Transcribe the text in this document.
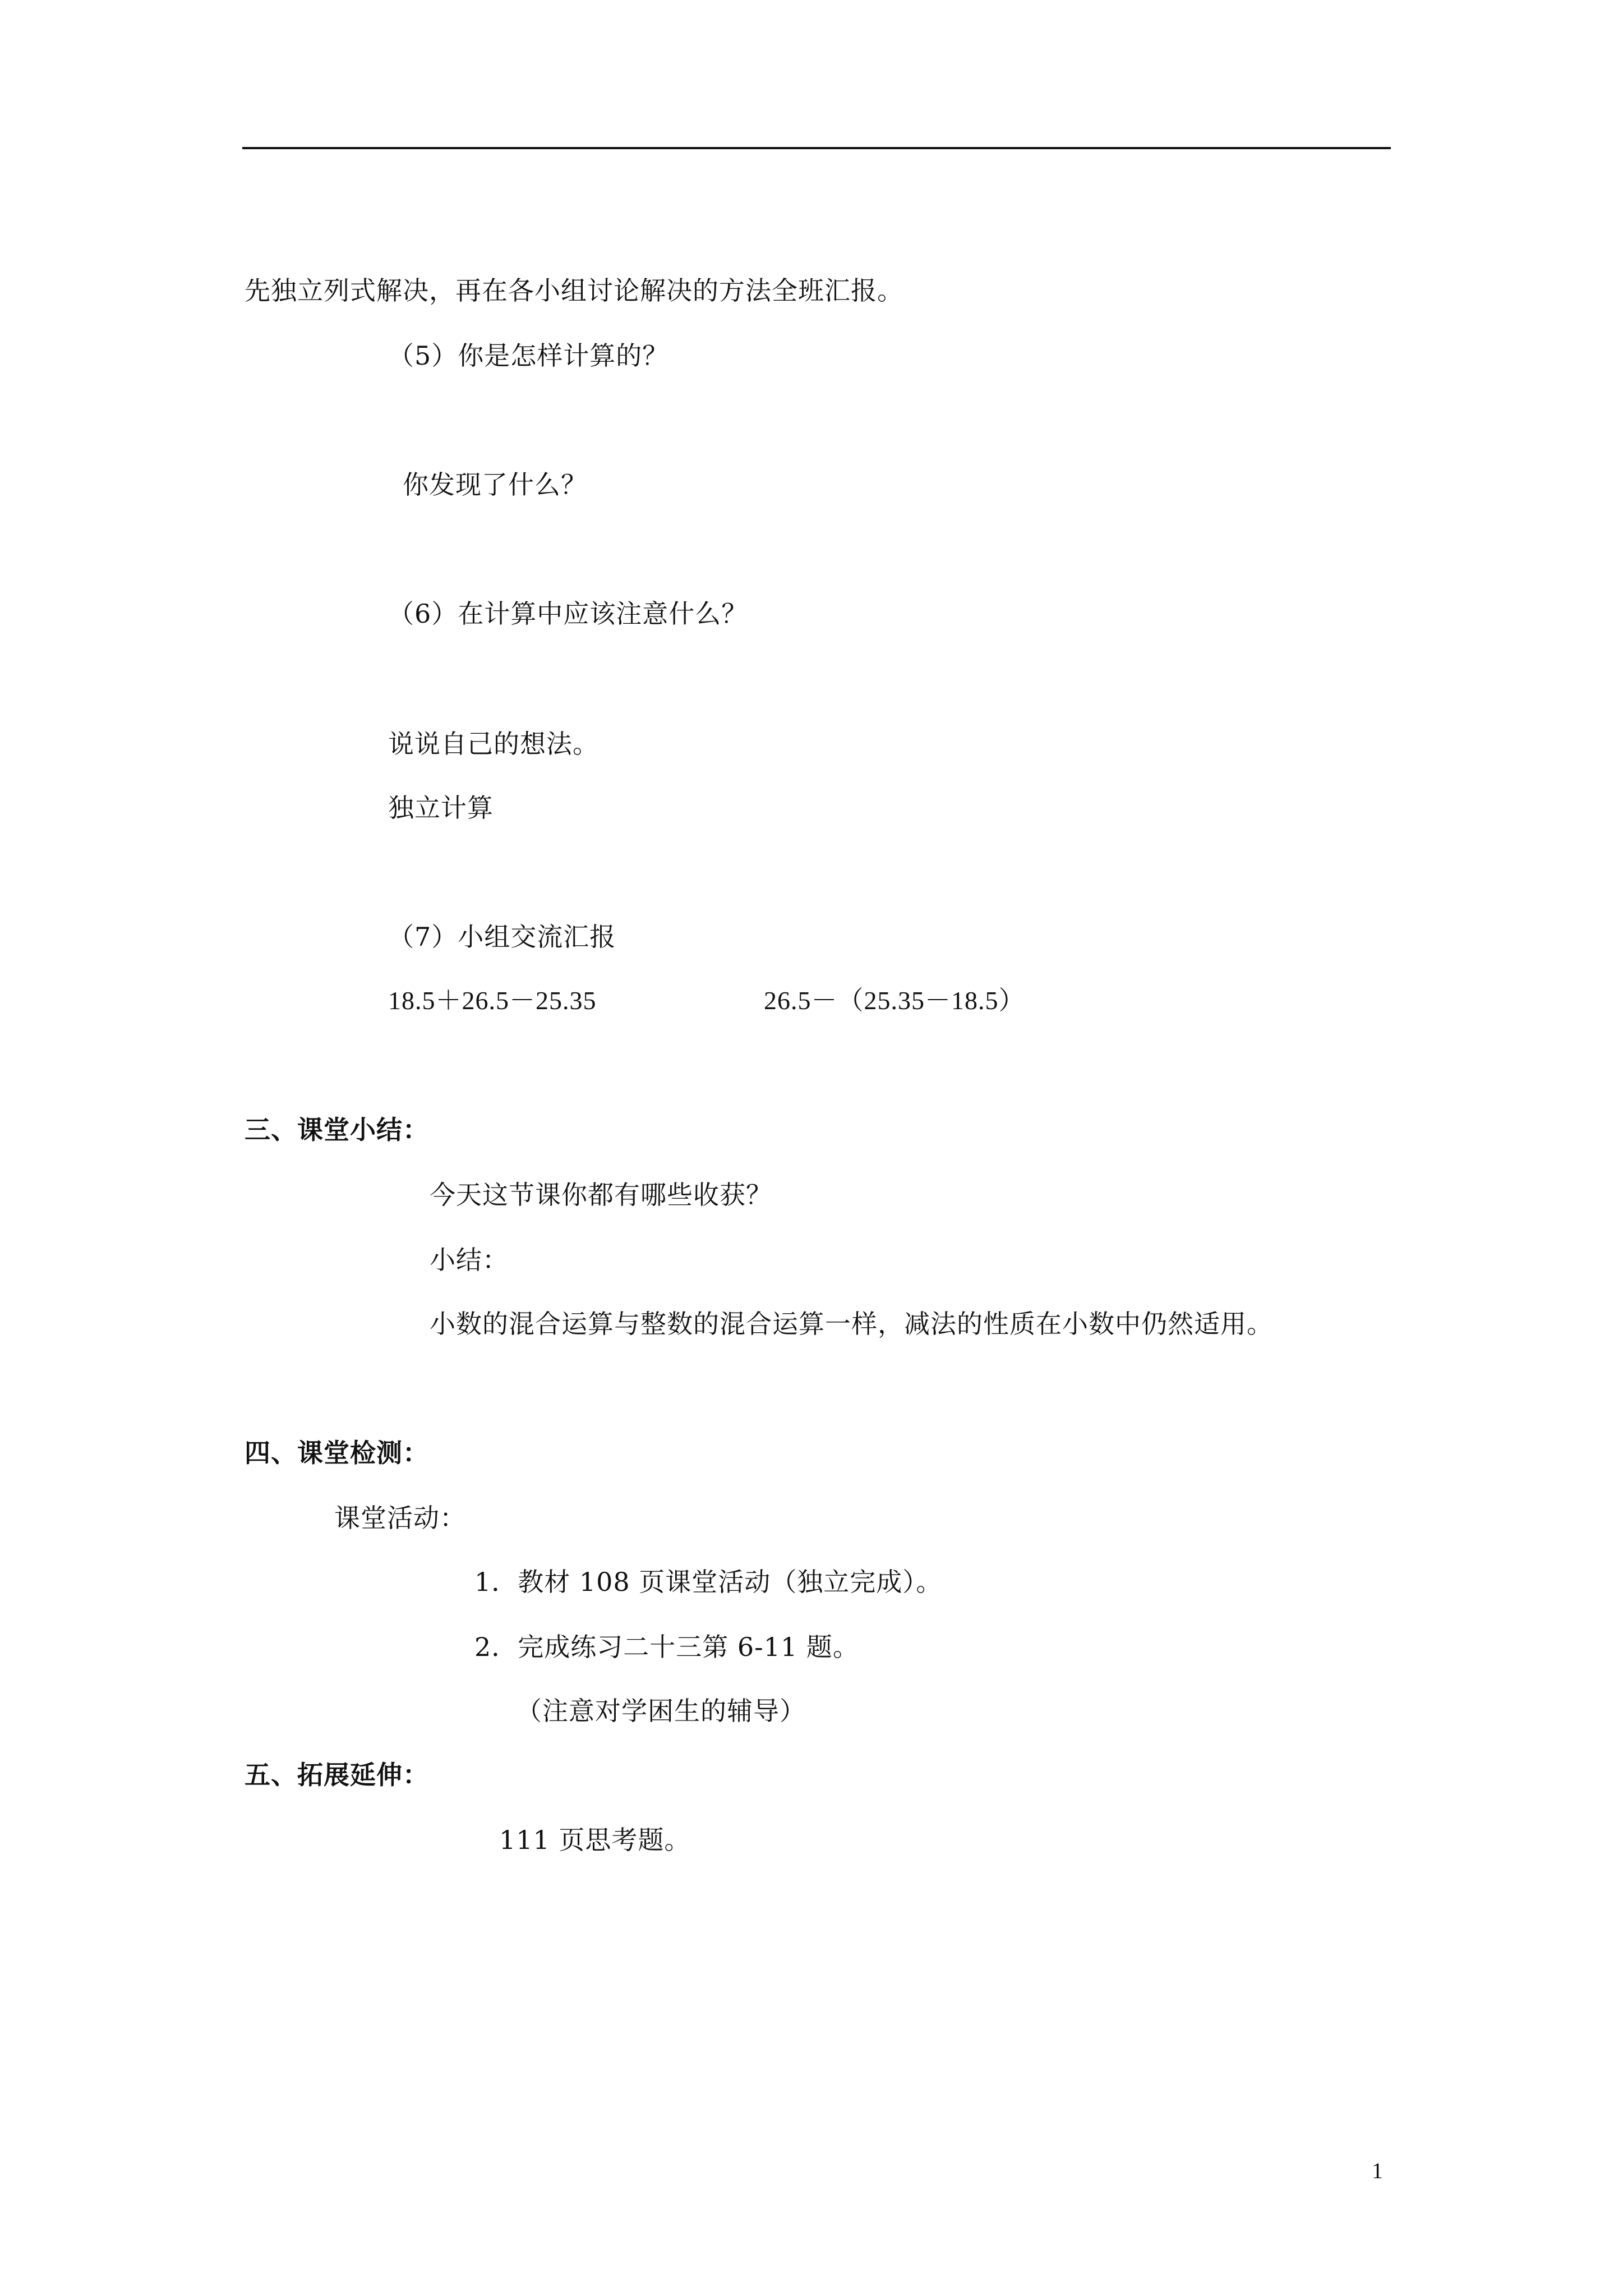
先独立列式解决，再在各小组讨论解决的方法全班汇报。
（5）你是怎样计算的？
你发现了什么？
（6）在计算中应该注意什么？
说说自己的想法。
独立计算
（7）小组交流汇报
18.5＋26.5－25.35	26.5－（25.35－18.5）
三、课堂小结：
今天这节课你都有哪些收获？
小结：
小数的混合运算与整数的混合运算一样，减法的性质在小数中仍然适用。
四、课堂检测：
课堂活动：
1．教材 108 页课堂活动（独立完成）。
2．完成练习二十三第 6-11 题。
（注意对学困生的辅导）
五、拓展延伸：
111 页思考题。
1
